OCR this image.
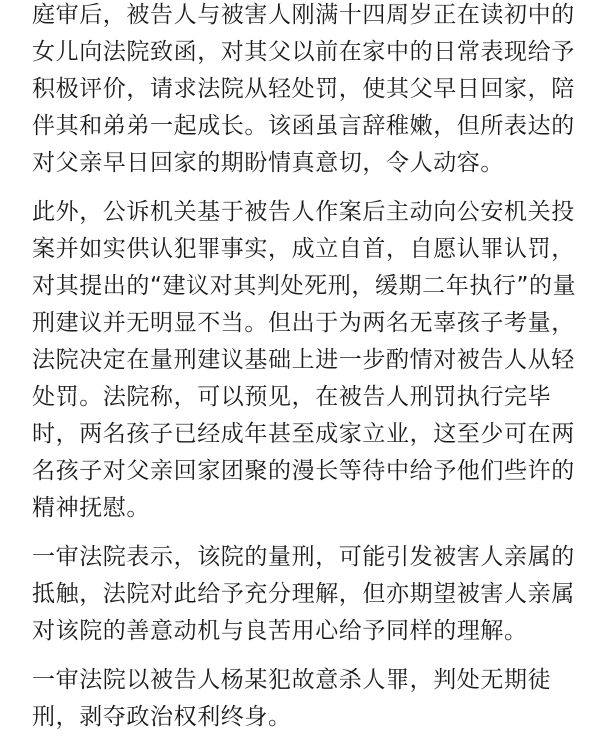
庭审后，被告人与被害人刚满十四周岁正在读初中的
女儿向法院致函，对其父以前在家中的日常表现给予
积极评价，请求法院从轻处罚，使其父早日回家，陪
伴其和弟弟一起成长。该函虽言辞稚嫩，但所表达的
对父亲早日回家的期盼情真意切，令人动容。

此外，公诉机关基于被告人作案后主动向公安机关投
案并如实供认犯罪事实，成立自首，自愿认罪认罚，
对其提出的“建议对其判处死刑，缓期二年执行”的量
刑建议并无明显不当。但出于为两名无辜孩子考量，
法院决定在量刑建议基础上进一步酌情对被告人从轻
处罚。法院称，可以预见，在被告人刑罚执行完毕
时，两名孩子已经成年甚至成家立业，这至少可在两
名孩子对父亲回家团聚的漫长等待中给予他们些许的
精神抚慰。

一审法院表示，该院的量刑，可能引发被害人亲属的
抵触，法院对此给予充分理解，但亦期望被害人亲属
对该院的善意动机与良苦用心给予同样的理解。

一审法院以被告人杨某犯故意杀人罪，判处无期徒
刑，剥夺政治权利终身。
